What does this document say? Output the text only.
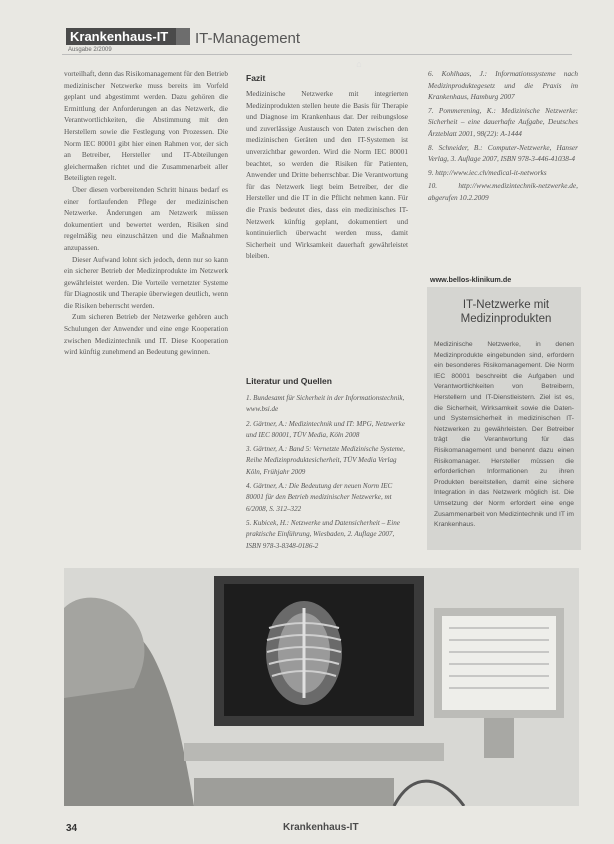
Krankenhaus-IT
Ausgabe 2/2009
⌂
IT-Management

vorteilhaft, denn das Risikomanagement für den Betrieb medizinischer Netzwerke muss bereits im Vorfeld geplant und abgestimmt werden. Dazu gehören die Ermittlung der Anforderungen an das Netzwerk, die Verantwortlichkeiten, die Abstimmung mit den Herstellern sowie die Festlegung von Prozessen. Die Norm IEC 80001 gibt hier einen Rahmen vor, der sich an Betreiber, Hersteller und IT-Abteilungen gleichermaßen richtet und die Zusammenarbeit aller Beteiligten regelt.

Über diesen vorbereitenden Schritt hinaus bedarf es einer fortlaufenden Pflege der medizinischen Netzwerke. Änderungen am Netzwerk müssen dokumentiert und bewertet werden, Risiken sind regelmäßig neu einzuschätzen und die Maßnahmen anzupassen.

Dieser Aufwand lohnt sich jedoch, denn nur so kann ein sicherer Betrieb der Medizinprodukte im Netzwerk gewährleistet werden. Die Vorteile vernetzter Systeme für Diagnostik und Therapie überwiegen deutlich, wenn die Risiken beherrscht werden.

Zum sicheren Betrieb der Netzwerke gehören auch Schulungen der Anwender und eine enge Kooperation zwischen Medizintechnik und IT. Diese Kooperation wird künftig zunehmend an Bedeutung gewinnen.

Fazit

Medizinische Netzwerke mit integrierten Medizinprodukten stellen heute die Basis für Therapie und Diagnose im Krankenhaus dar. Der reibungslose und zuverlässige Austausch von Daten zwischen den medizinischen Geräten und den IT-Systemen ist unverzichtbar geworden. Wird die Norm IEC 80001 beachtet, so werden die Risiken für Patienten, Anwender und Dritte beherrschbar. Die Verantwortung für das Netzwerk liegt beim Betreiber, der die Hersteller und die IT in die Pflicht nehmen kann. Für die Praxis bedeutet dies, dass ein medizinisches IT-Netzwerk künftig geplant, dokumentiert und kontinuierlich überwacht werden muss, damit Sicherheit und Wirksamkeit dauerhaft gewährleistet bleiben.

Literatur und Quellen

1. Bundesamt für Sicherheit in der Informationstechnik, www.bsi.de

2. Gärtner, A.: Medizintechnik und IT: MPG, Netzwerke und IEC 80001, TÜV Media, Köln 2008

3. Gärtner, A.: Band 5: Vernetzte Medizinische Systeme, Reihe Medizinproduktesicherheit, TÜV Media Verlag Köln, Frühjahr 2009

4. Gärtner, A.: Die Bedeutung der neuen Norm IEC 80001 für den Betrieb medizinischer Netzwerke, mt 6/2008, S. 312–322

5. Kubicek, H.: Netzwerke und Datensicherheit – Eine praktische Einführung, Wiesbaden, 2. Auflage 2007, ISBN 978-3-8348-0186-2

6. Kohlhaas, J.: Informationssysteme nach Medizinproduktegesetz und die Praxis im Krankenhaus, Hamburg 2007

7. Pommerening, K.: Medizinische Netzwerke: Sicherheit – eine dauerhafte Aufgabe, Deutsches Ärzteblatt 2001, 98(22): A-1444

8. Schneider, B.: Computer-Netzwerke, Hanser Verlag, 3. Auflage 2007, ISBN 978-3-446-41038-4

9. http://www.iec.ch/medical-it-networks

10. http://www.medizintechnik-netzwerke.de, abgerufen 10.2.2009

www.bellos-klinikum.de
IT-Netzwerke mit Medizinprodukten
Medizinische Netzwerke, in denen Medizinprodukte eingebunden sind, erfordern ein besonderes Risikomanagement. Die Norm IEC 80001 beschreibt die Aufgaben und Verantwortlichkeiten von Betreibern, Herstellern und IT-Dienstleistern. Ziel ist es, die Sicherheit, Wirksamkeit sowie die Daten- und Systemsicherheit in medizinischen IT-Netzwerken zu gewährleisten. Der Betreiber trägt die Verantwortung für das Risikomanagement und benennt dazu einen Risikomanager. Hersteller müssen die erforderlichen Informationen zu ihren Produkten bereitstellen, damit eine sichere Integration in das Netzwerk möglich ist. Die Umsetzung der Norm erfordert eine enge Zusammenarbeit von Medizintechnik und IT im Krankenhaus.
34	Krankenhaus-IT
